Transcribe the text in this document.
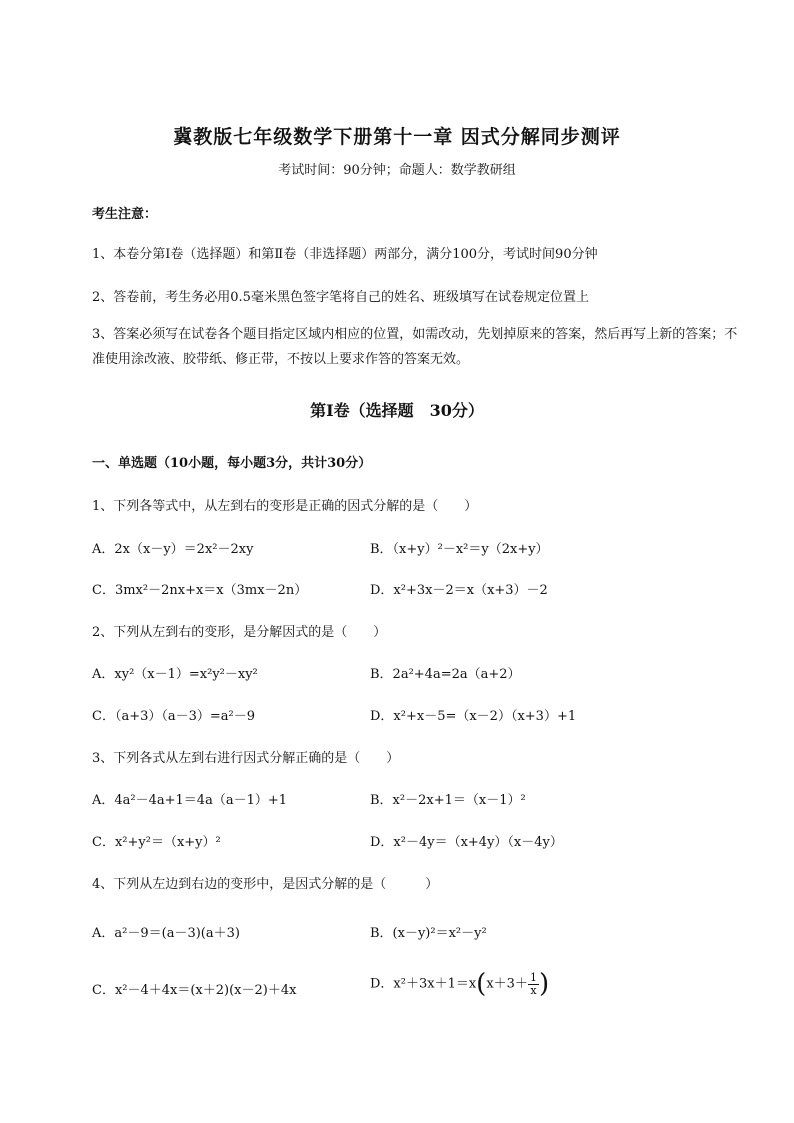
冀教版七年级数学下册第十一章 因式分解同步测评
考试时间：90分钟；命题人：数学教研组
考生注意：
1、本卷分第I卷（选择题）和第Ⅱ卷（非选择题）两部分，满分100分，考试时间90分钟
2、答卷前，考生务必用0.5毫米黑色签字笔将自己的姓名、班级填写在试卷规定位置上
3、答案必须写在试卷各个题目指定区域内相应的位置，如需改动，先划掉原来的答案，然后再写上新的答案；不准使用涂改液、胶带纸、修正带，不按以上要求作答的答案无效。
第I卷（选择题　30分）
一、单选题（10小题，每小题3分，共计30分）
1、下列各等式中，从左到右的变形是正确的因式分解的是（　　）
A．2x（x－y）＝2x²－2xy	B．（x+y）²－x²＝y（2x+y）
C．3mx²－2nx+x＝x（3mx－2n）	D．x²+3x－2＝x（x+3）－2
2、下列从左到右的变形，是分解因式的是（　　）
A．xy²（x－1）=x²y²－xy²	B．2a²+4a=2a（a+2）
C．（a+3）（a－3）=a²－9	D．x²+x－5=（x－2）（x+3）+1
3、下列各式从左到右进行因式分解正确的是（　　）
A．4a²－4a+1＝4a（a－1）+1	B．x²－2x+1＝（x－1）²
C．x²+y²＝（x+y）²	D．x²－4y＝（x+4y）（x－4y）
4、下列从左边到右边的变形中，是因式分解的是（　　　）
A．a²－9＝(a－3)(a＋3)	B．(x－y)²＝x²－y²
C．x²－4＋4x＝(x＋2)(x－2)＋4x	D．$x^2+3x+1=x(x+3+ \frac{1}{x}$ )
